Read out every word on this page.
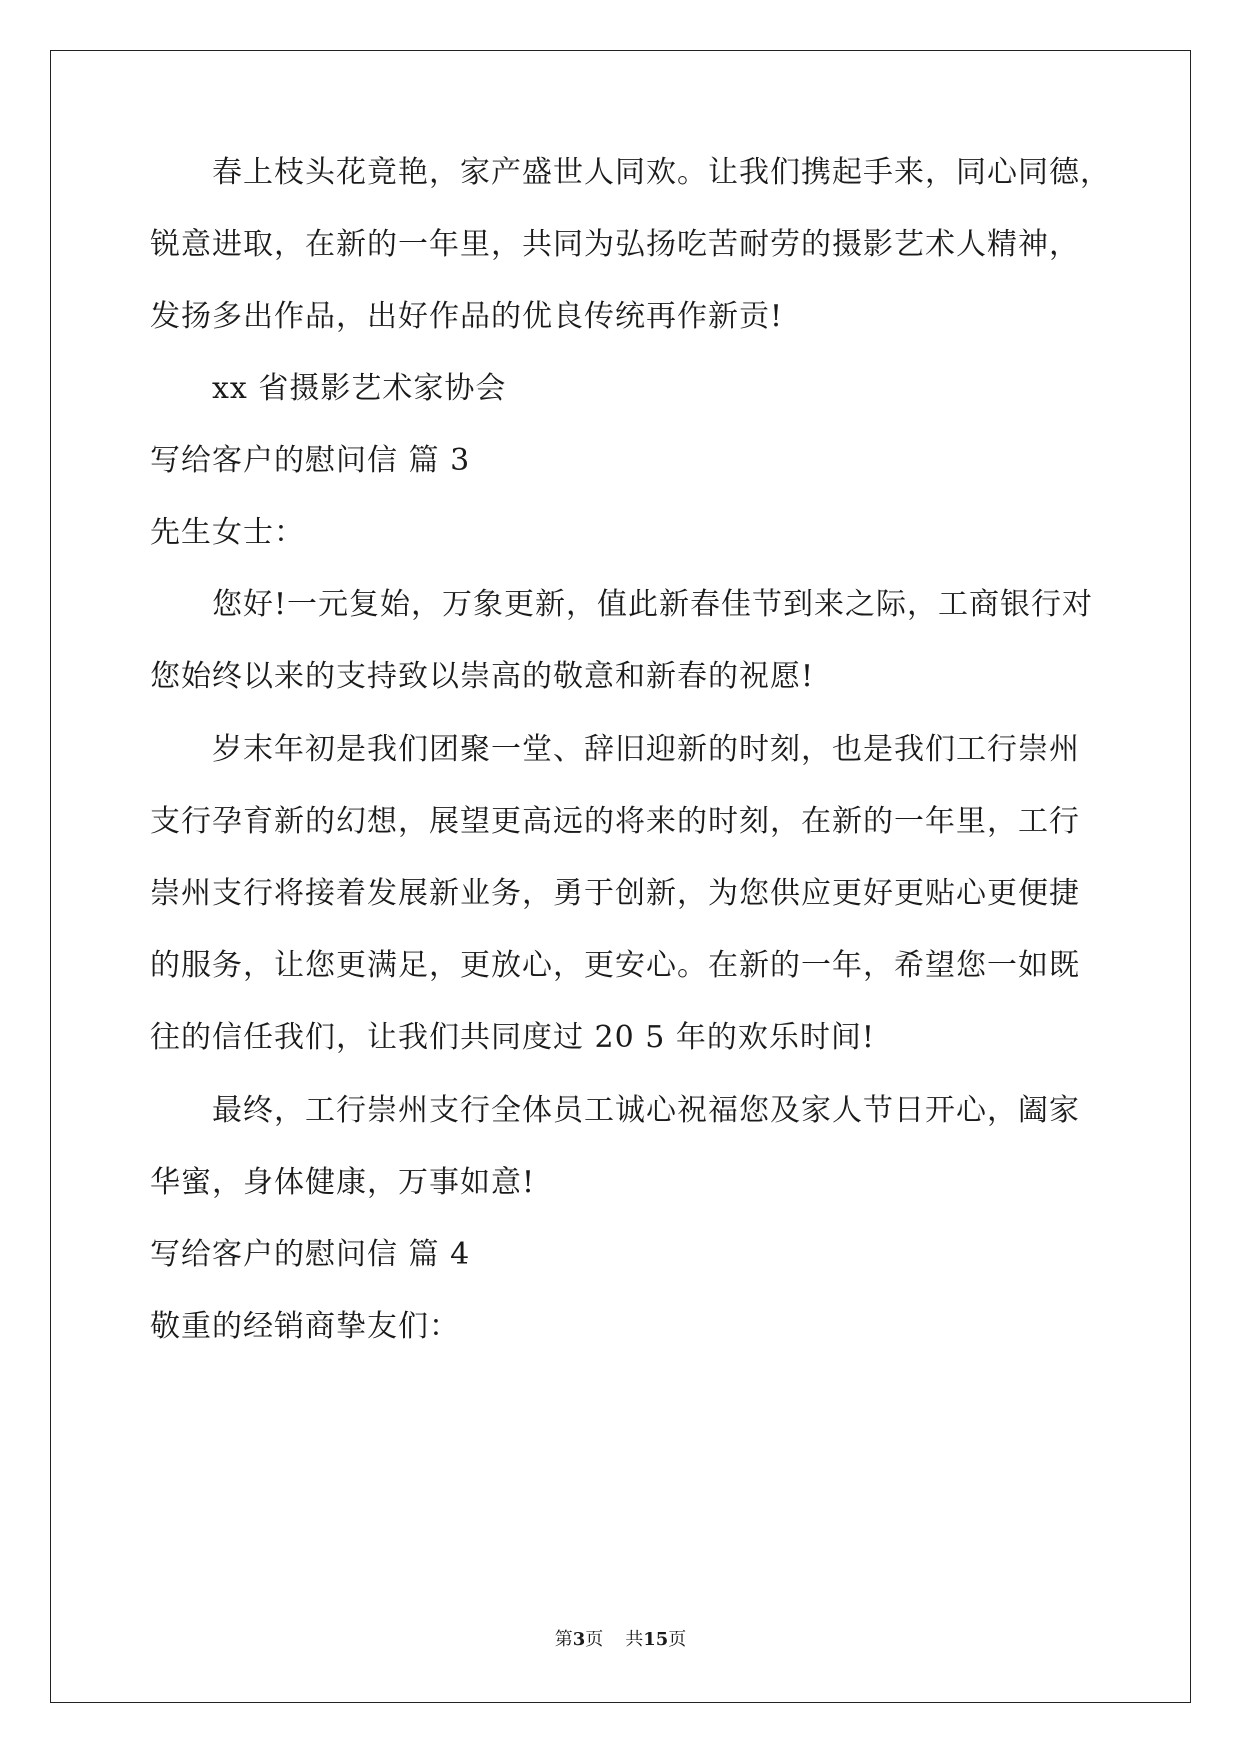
春上枝头花竟艳，家产盛世人同欢。让我们携起手来，同心同德，
锐意进取，在新的一年里，共同为弘扬吃苦耐劳的摄影艺术人精神，
发扬多出作品，出好作品的优良传统再作新贡!
xx 省摄影艺术家协会
写给客户的慰问信 篇 3
先生女士：
您好!一元复始，万象更新，值此新春佳节到来之际，工商银行对
您始终以来的支持致以崇高的敬意和新春的祝愿!
岁末年初是我们团聚一堂、辞旧迎新的时刻，也是我们工行崇州
支行孕育新的幻想，展望更高远的将来的时刻，在新的一年里，工行
崇州支行将接着发展新业务，勇于创新，为您供应更好更贴心更便捷
的服务，让您更满足，更放心，更安心。在新的一年，希望您一如既
往的信任我们，让我们共同度过 20 5 年的欢乐时间!
最终，工行崇州支行全体员工诚心祝福您及家人节日开心，阖家
华蜜，身体健康，万事如意!
写给客户的慰问信 篇 4
敬重的经销商挚友们：
第3页 共15页
